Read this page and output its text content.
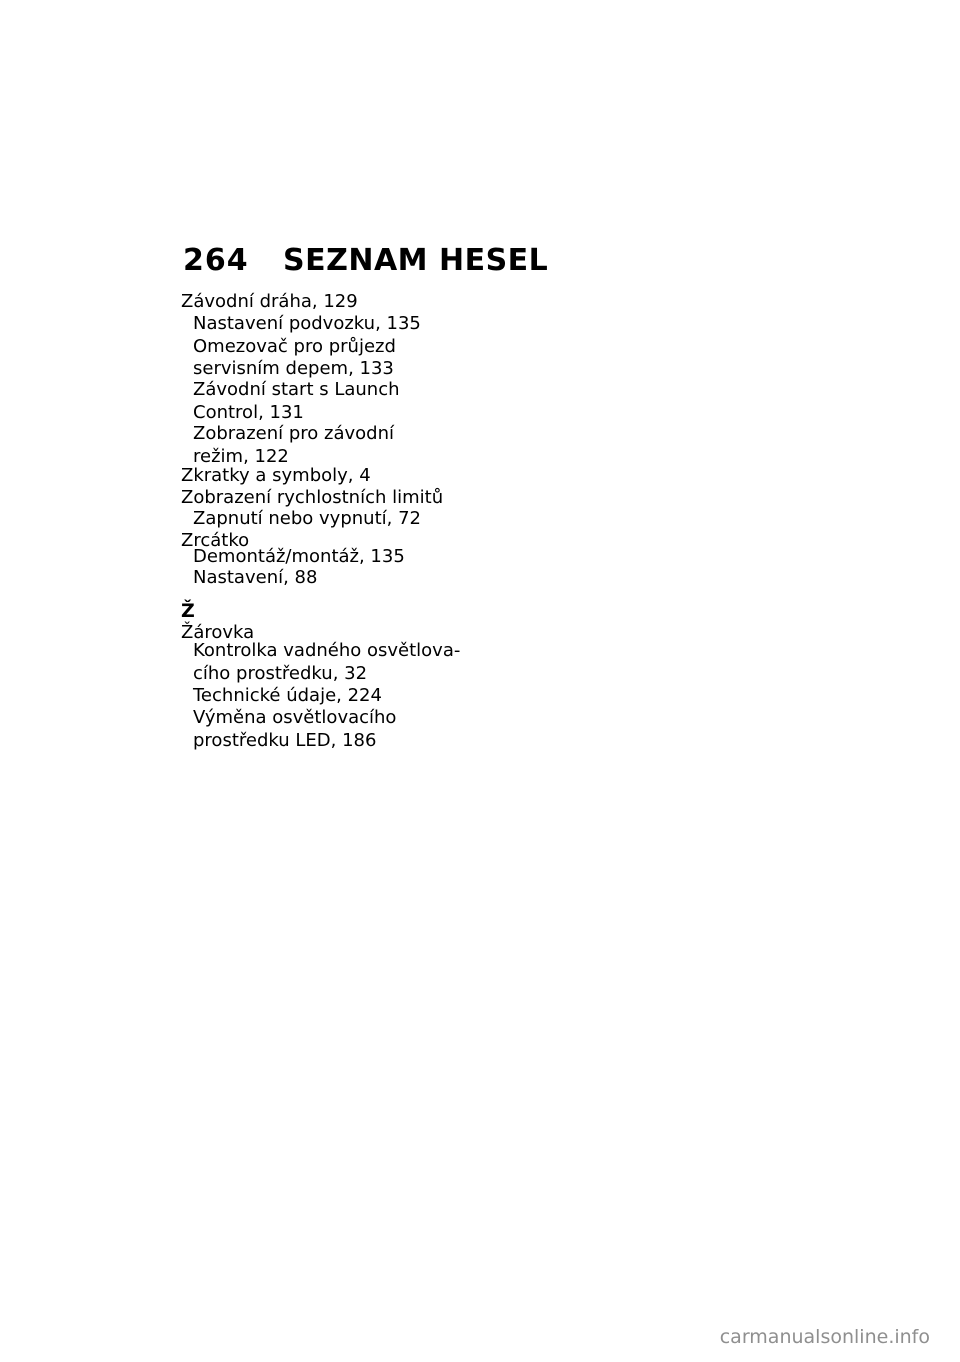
264 SEZNAM HESEL
Závodní dráha, 129
Nastavení podvozku, 135
Omezovač pro průjezd
servisním depem, 133
Závodní start s Launch
Control, 131
Zobrazení pro závodní
režim, 122
Zkratky a symboly, 4
Zobrazení rychlostních limitů
Zapnutí nebo vypnutí, 72
Zrcátko
Demontáž/montáž, 135
Nastavení, 88
Ž
Žárovka
Kontrolka vadného osvětlova-
cího prostředku, 32
Technické údaje, 224
Výměna osvětlovacího
prostředku LED, 186
carmanualsonline.info
